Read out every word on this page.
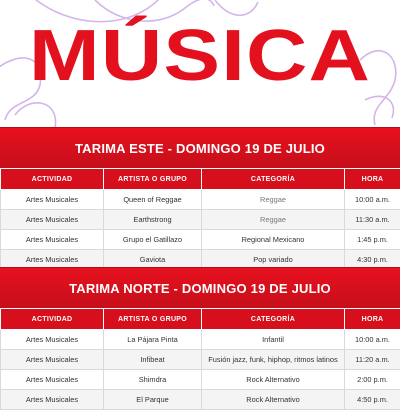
MÚSICA
TARIMA ESTE - DOMINGO 19 DE JULIO
ACTIVIDAD	ARTISTA O GRUPO	CATEGORÍA	HORA
Artes Musicales	Queen of Reggae	Reggae	10:00 a.m.
Artes Musicales	Earthstrong	Reggae	11:30 a.m.
Artes Musicales	Grupo el Gatillazo	Regional Mexicano	1:45 p.m.
Artes Musicales	Gaviota	Pop variado	4:30 p.m.
TARIMA NORTE - DOMINGO 19 DE JULIO
ACTIVIDAD	ARTISTA O GRUPO	CATEGORÍA	HORA
Artes Musicales	La Pájara Pinta	Infantil	10:00 a.m.
Artes Musicales	Infibeat	Fusión jazz, funk, hiphop, ritmos latinos	11:20 a.m.
Artes Musicales	Shimdra	Rock Alternativo	2:00 p.m.
Artes Musicales	El Parque	Rock Alternativo	4:50 p.m.
